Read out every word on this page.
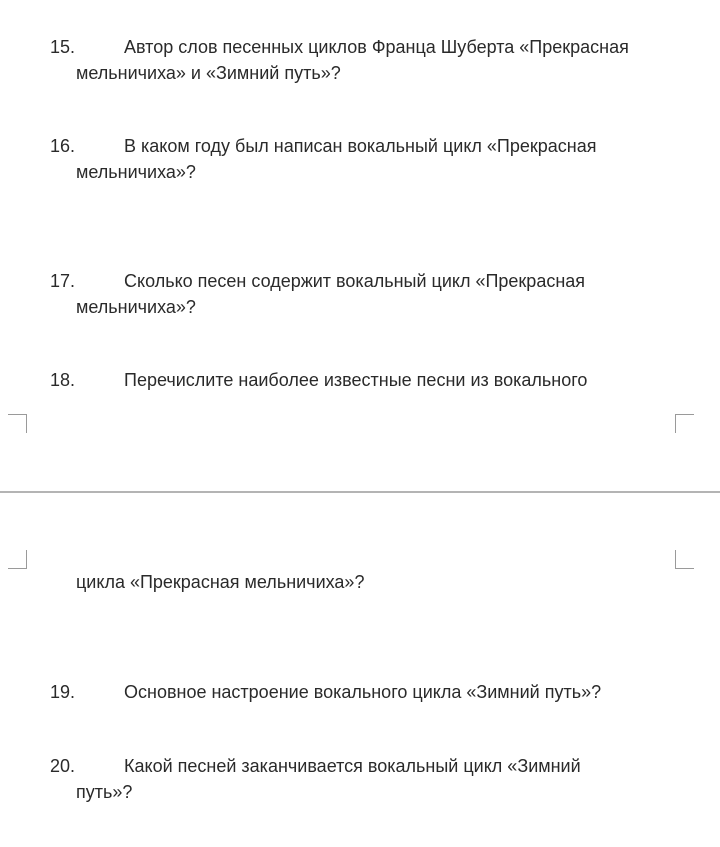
15.	Автор слов песенных циклов Франца Шуберта «Прекрасная
мельничиха» и «Зимний путь»?
16.	В каком году был написан вокальный цикл «Прекрасная
мельничиха»?
17.	Сколько песен содержит вокальный цикл «Прекрасная
мельничиха»?
18.	Перечислите наиболее известные песни из вокального
цикла «Прекрасная мельничиха»?
19.	Основное настроение вокального цикла «Зимний путь»?
20.	Какой песней заканчивается вокальный цикл «Зимний
путь»?
